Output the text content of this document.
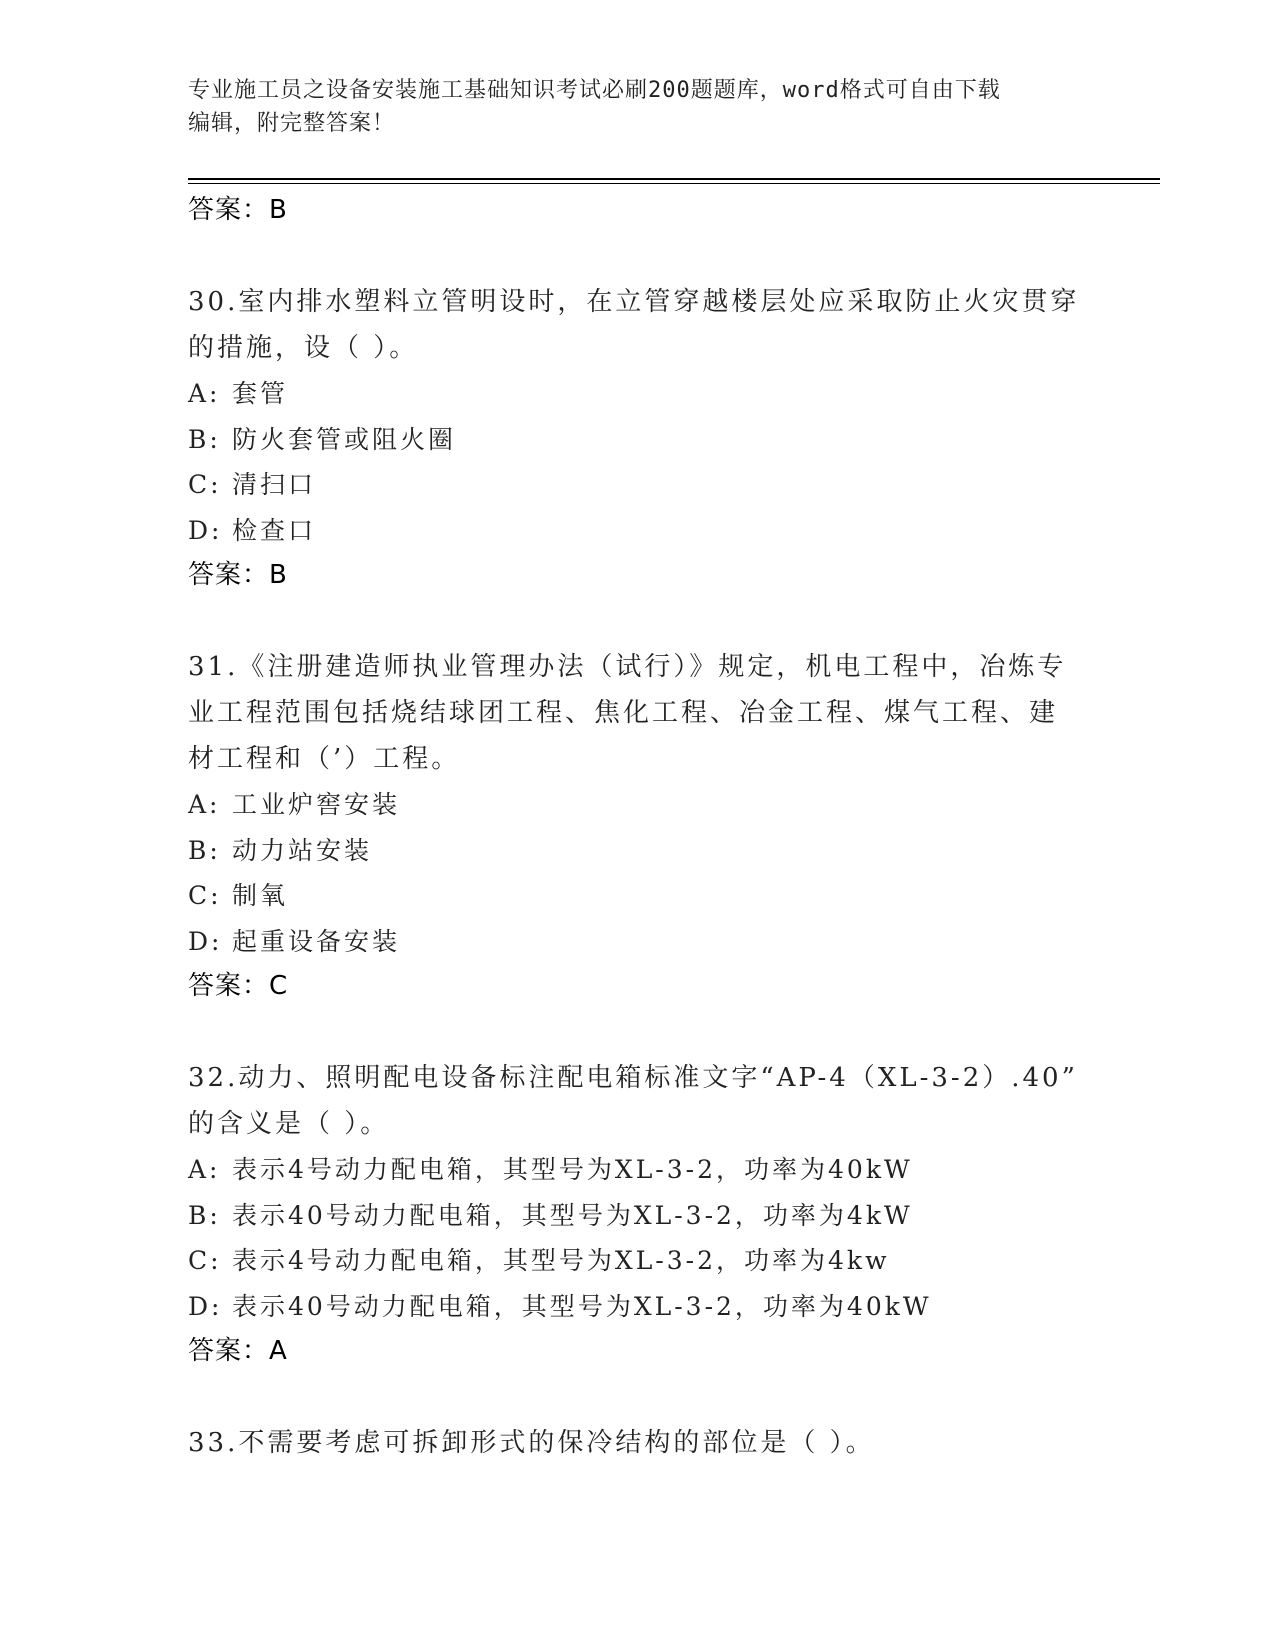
专业施工员之设备安装施工基础知识考试必刷200题题库，word格式可自由下载
编辑，附完整答案！

答案：B

30.室内排水塑料立管明设时，在立管穿越楼层处应采取防止火灾贯穿

的措施，设（ ）。

A: 套管

B: 防火套管或阻火圈

C: 清扫口

D: 检查口

答案：B

31.《注册建造师执业管理办法（试行）》规定，机电工程中，冶炼专

业工程范围包括烧结球团工程、焦化工程、冶金工程、煤气工程、建

材工程和（’）工程。

A: 工业炉窖安装

B: 动力站安装

C: 制氧

D: 起重设备安装

答案：C

32.动力、照明配电设备标注配电箱标准文字“AP-4（XL-3-2）.40”

的含义是（ ）。

A: 表示4号动力配电箱，其型号为XL-3-2，功率为40kW

B: 表示40号动力配电箱，其型号为XL-3-2，功率为4kW

C: 表示4号动力配电箱，其型号为XL-3-2，功率为4kw

D: 表示40号动力配电箱，其型号为XL-3-2，功率为40kW

答案：A

33.不需要考虑可拆卸形式的保冷结构的部位是（ ）。
